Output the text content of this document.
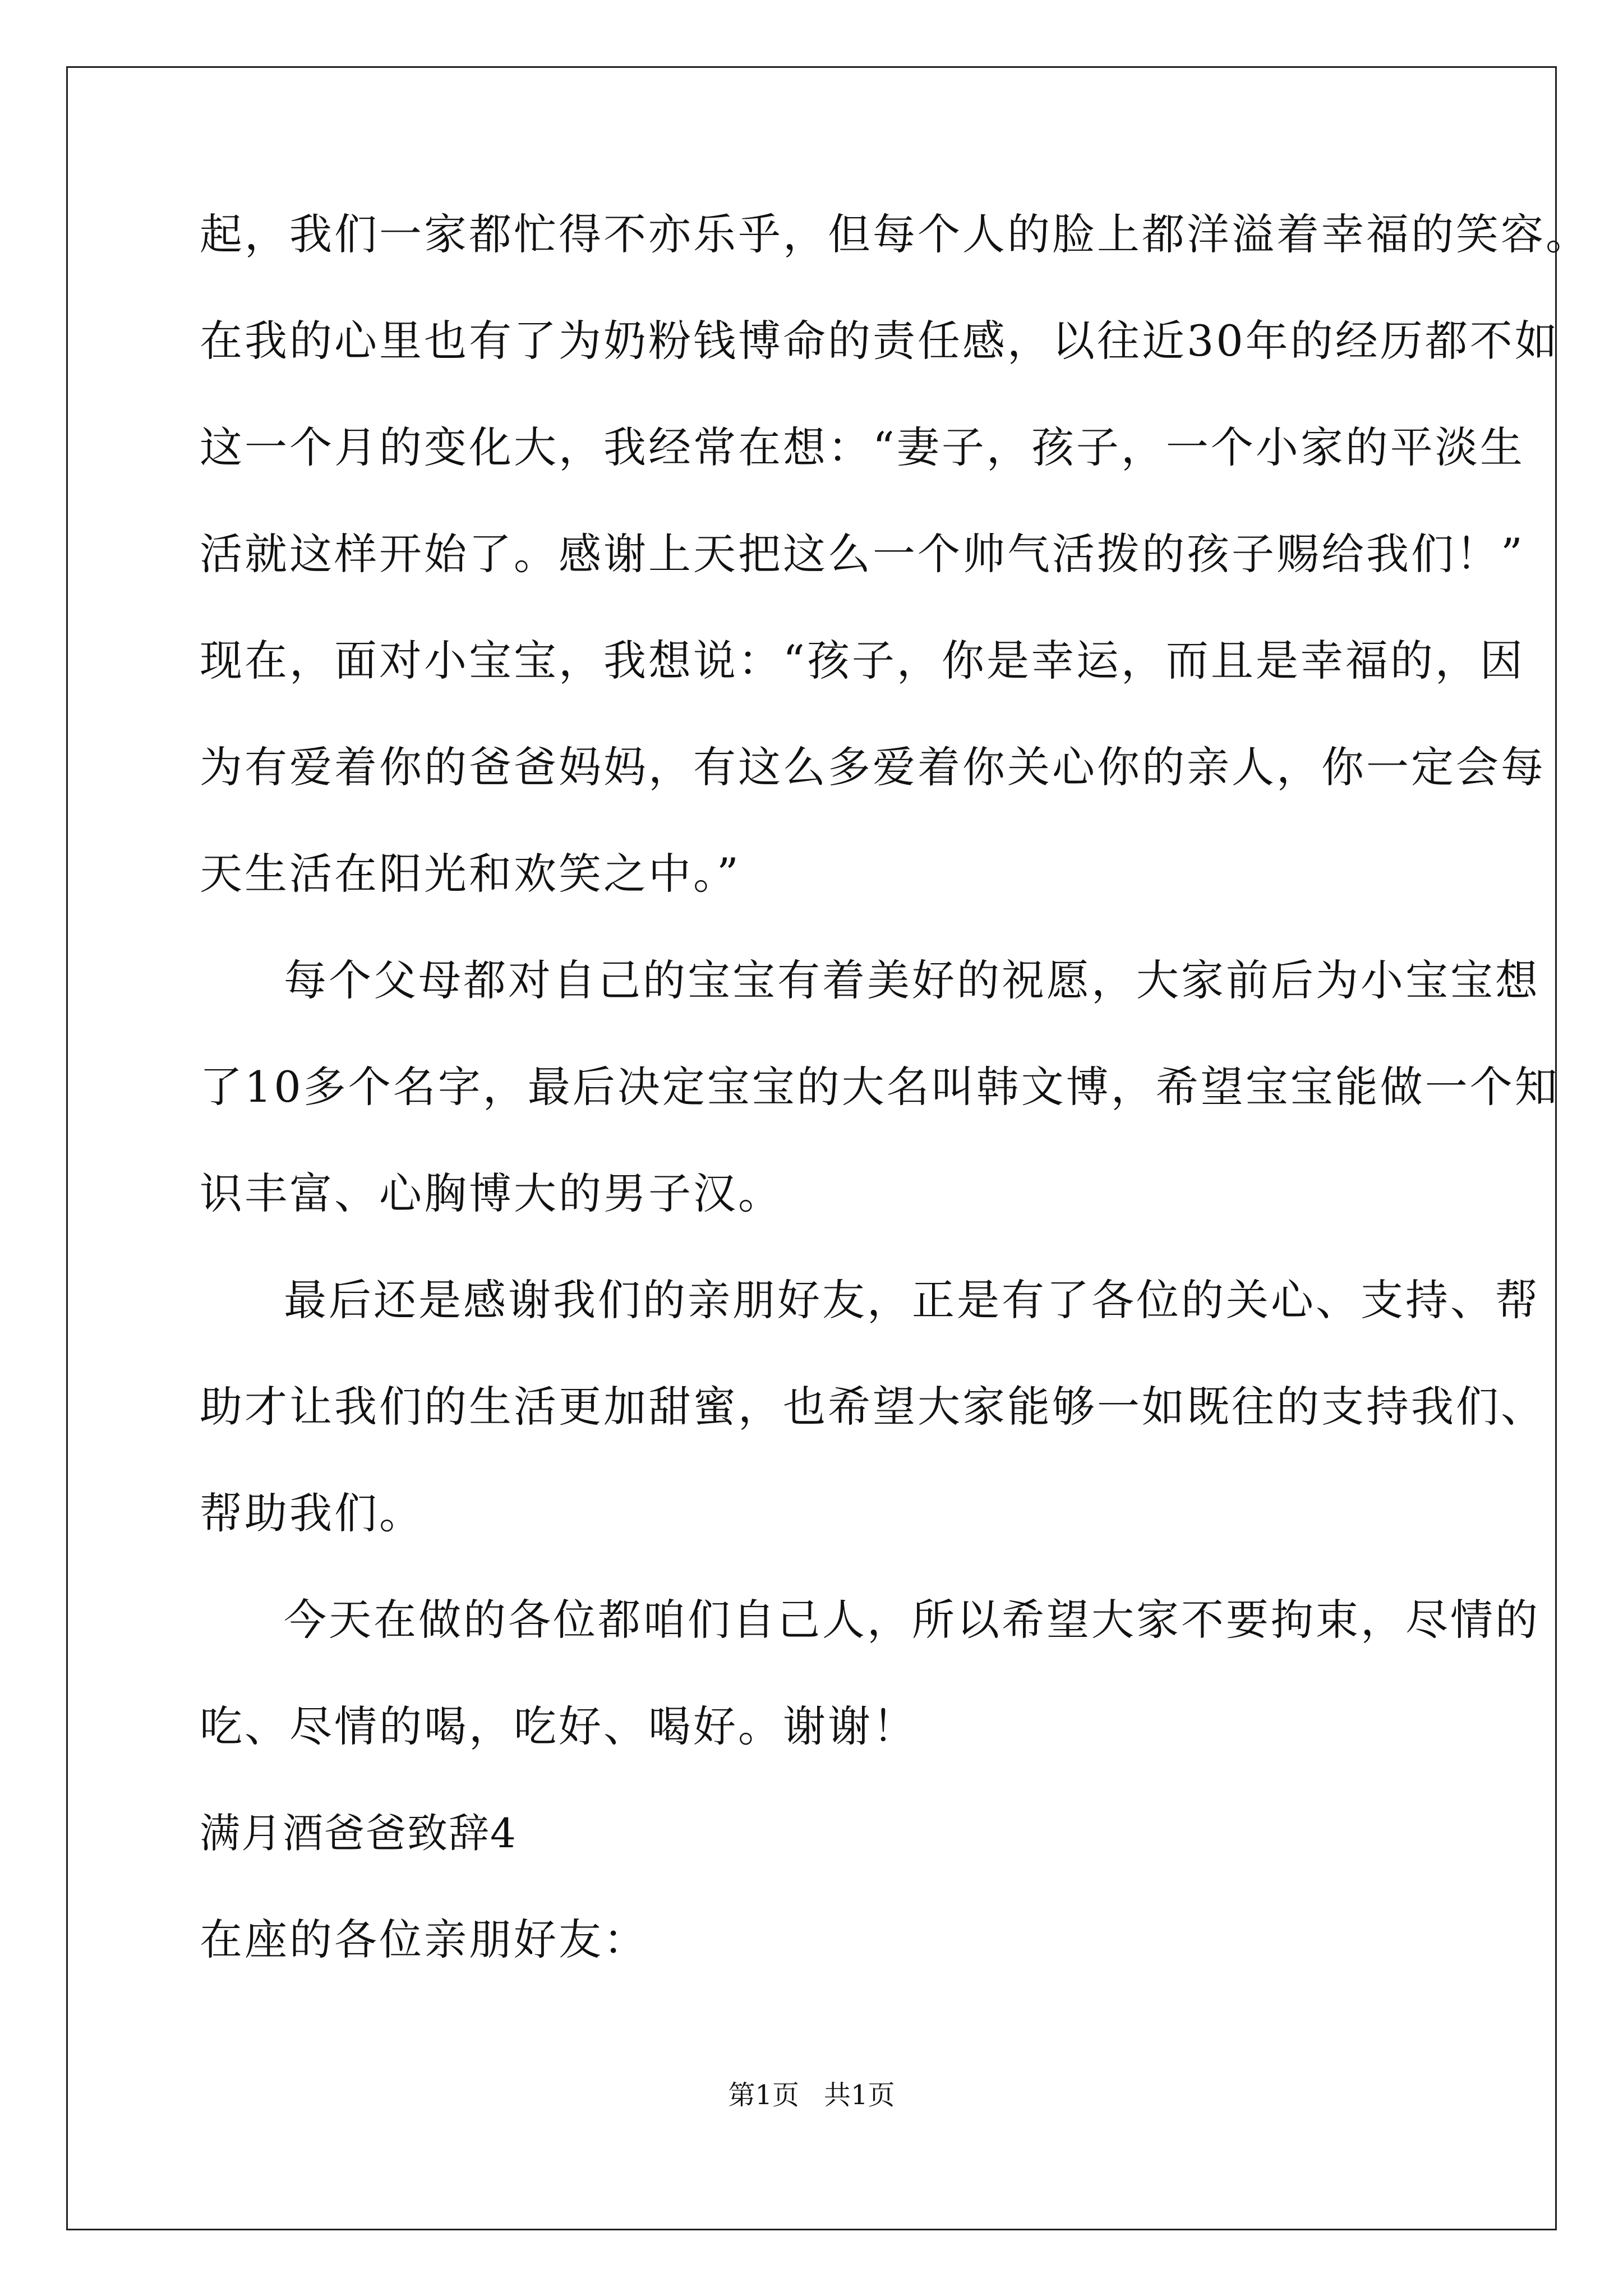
起，我们一家都忙得不亦乐乎，但每个人的脸上都洋溢着幸福的笑容。
在我的心里也有了为奶粉钱博命的责任感，以往近30年的经历都不如
这一个月的变化大，我经常在想：“妻子，孩子，一个小家的平淡生
活就这样开始了。感谢上天把这么一个帅气活拨的孩子赐给我们！”
现在，面对小宝宝，我想说：“孩子，你是幸运，而且是幸福的，因
为有爱着你的爸爸妈妈，有这么多爱着你关心你的亲人，你一定会每
天生活在阳光和欢笑之中。”
每个父母都对自己的宝宝有着美好的祝愿，大家前后为小宝宝想
了10多个名字，最后决定宝宝的大名叫韩文博，希望宝宝能做一个知
识丰富、心胸博大的男子汉。
最后还是感谢我们的亲朋好友，正是有了各位的关心、支持、帮
助才让我们的生活更加甜蜜，也希望大家能够一如既往的支持我们、
帮助我们。
今天在做的各位都咱们自己人，所以希望大家不要拘束，尽情的
吃、尽情的喝，吃好、喝好。谢谢！
满月酒爸爸致辞4
在座的各位亲朋好友：
第1页 共1页
